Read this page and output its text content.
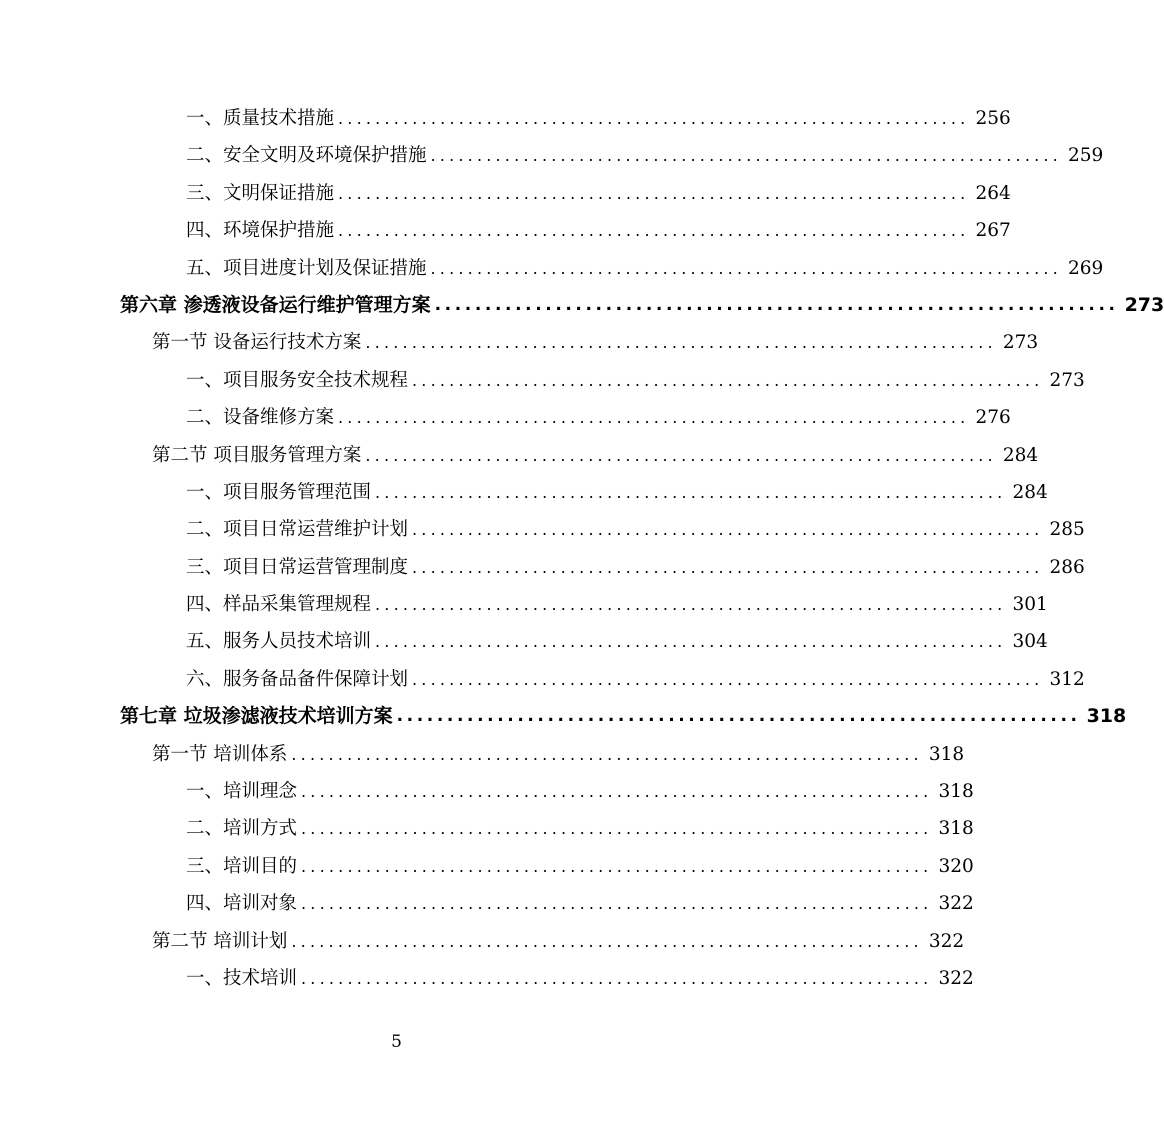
一、质量技术措施 .................................................................... 256
二、安全文明及环境保护措施 .................................................................... 259
三、文明保证措施 .................................................................... 264
四、环境保护措施 .................................................................... 267
五、项目进度计划及保证措施 .................................................................... 269
第六章 渗透液设备运行维护管理方案 .................................................................... 273
第一节 设备运行技术方案 .................................................................... 273
一、项目服务安全技术规程 .................................................................... 273
二、设备维修方案 .................................................................... 276
第二节 项目服务管理方案 .................................................................... 284
一、项目服务管理范围 .................................................................... 284
二、项目日常运营维护计划 .................................................................... 285
三、项目日常运营管理制度 .................................................................... 286
四、样品采集管理规程 .................................................................... 301
五、服务人员技术培训 .................................................................... 304
六、服务备品备件保障计划 .................................................................... 312
第七章 垃圾渗滤液技术培训方案 .................................................................... 318
第一节 培训体系 .................................................................... 318
一、培训理念 .................................................................... 318
二、培训方式 .................................................................... 318
三、培训目的 .................................................................... 320
四、培训对象 .................................................................... 322
第二节 培训计划 .................................................................... 322
一、技术培训 .................................................................... 322
5
